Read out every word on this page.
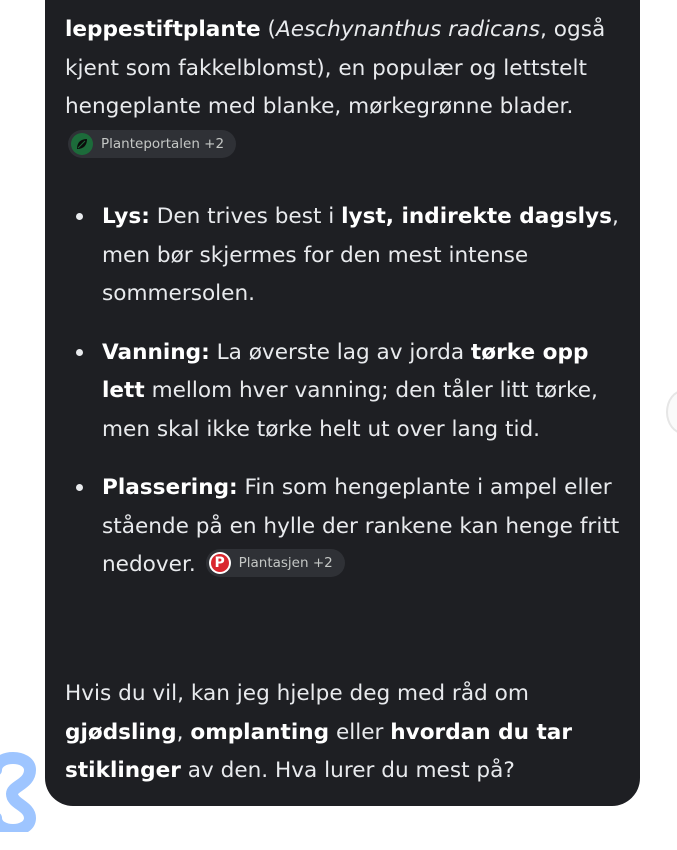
leppestiftplante (Aeschynanthus radicans, også kjent som fakkelblomst), en populær og lettstelt hengeplante med blanke, mørkegrønne blader.
Planteportalen +2
Lys: Den trives best i lyst, indirekte dagslys, men bør skjermes for den mest intense sommersolen.
Vanning: La øverste lag av jorda tørke opp lett mellom hver vanning; den tåler litt tørke, men skal ikke tørke helt ut over lang tid.
Plassering: Fin som hengeplante i ampel eller stående på en hylle der rankene kan henge fritt nedover. P Plantasjen +2
Hvis du vil, kan jeg hjelpe deg med råd om gjødsling, omplanting eller hvordan du tar stiklinger av den. Hva lurer du mest på?
